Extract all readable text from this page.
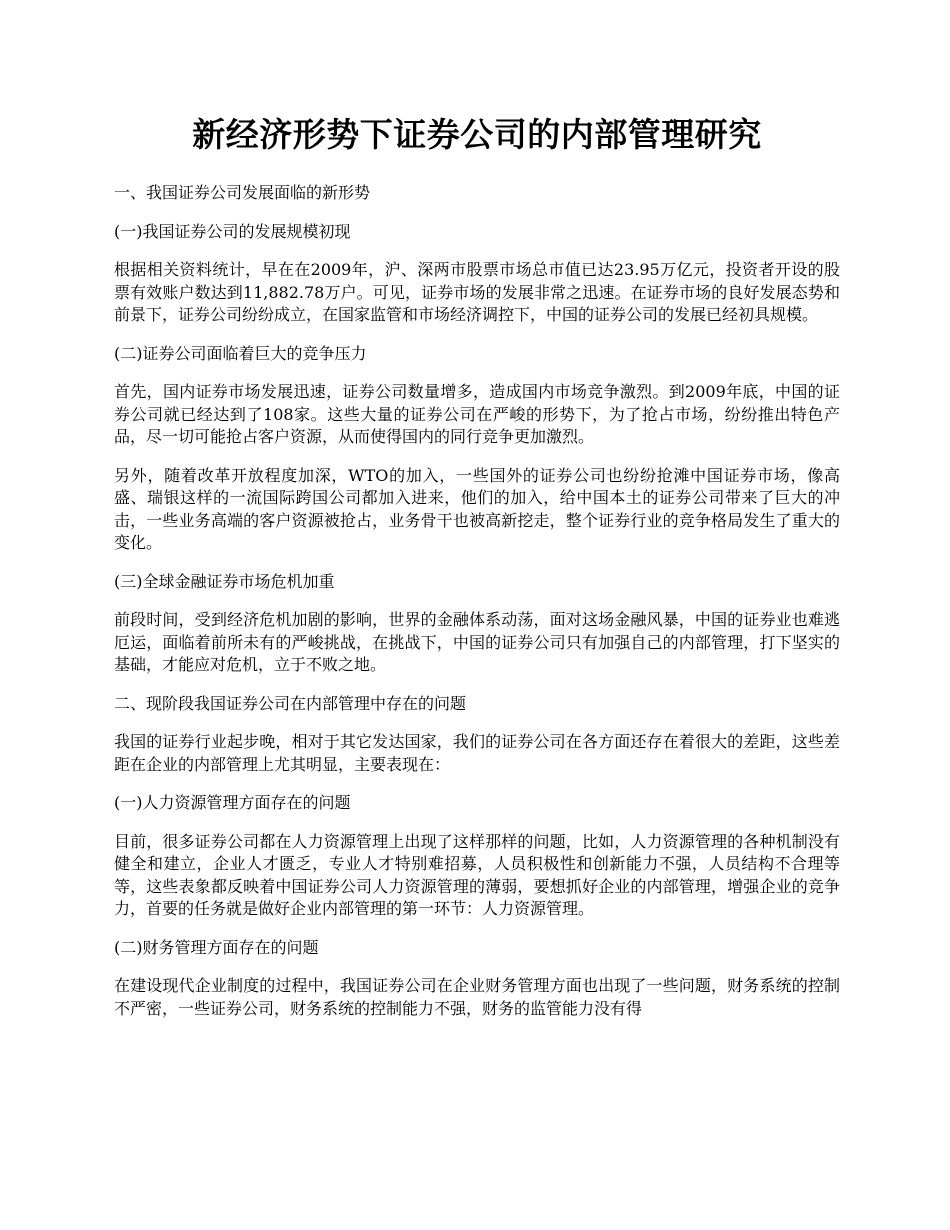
新经济形势下证券公司的内部管理研究

一、我国证券公司发展面临的新形势

(一)我国证券公司的发展规模初现

根据相关资料统计，早在在2009年，沪、深两市股票市场总市值已达23.95万亿元，投资者开设的股票有效账户数达到11,882.78万户。可见，证券市场的发展非常之迅速。在证券市场的良好发展态势和前景下，证券公司纷纷成立，在国家监管和市场经济调控下，中国的证券公司的发展已经初具规模。

(二)证券公司面临着巨大的竞争压力

首先，国内证券市场发展迅速，证券公司数量增多，造成国内市场竞争激烈。到2009年底，中国的证券公司就已经达到了108家。这些大量的证券公司在严峻的形势下，为了抢占市场，纷纷推出特色产品，尽一切可能抢占客户资源，从而使得国内的同行竞争更加激烈。

另外，随着改革开放程度加深，WTO的加入，一些国外的证券公司也纷纷抢滩中国证券市场，像高盛、瑞银这样的一流国际跨国公司都加入进来，他们的加入，给中国本土的证券公司带来了巨大的冲击，一些业务高端的客户资源被抢占，业务骨干也被高新挖走，整个证券行业的竞争格局发生了重大的变化。

(三)全球金融证券市场危机加重

前段时间，受到经济危机加剧的影响，世界的金融体系动荡，面对这场金融风暴，中国的证券业也难逃厄运，面临着前所未有的严峻挑战，在挑战下，中国的证券公司只有加强自己的内部管理，打下坚实的基础，才能应对危机，立于不败之地。

二、现阶段我国证券公司在内部管理中存在的问题

我国的证券行业起步晚，相对于其它发达国家，我们的证券公司在各方面还存在着很大的差距，这些差距在企业的内部管理上尤其明显，主要表现在：

(一)人力资源管理方面存在的问题

目前，很多证券公司都在人力资源管理上出现了这样那样的问题，比如，人力资源管理的各种机制没有健全和建立，企业人才匮乏，专业人才特别难招募，人员积极性和创新能力不强，人员结构不合理等等，这些表象都反映着中国证券公司人力资源管理的薄弱，要想抓好企业的内部管理，增强企业的竞争力，首要的任务就是做好企业内部管理的第一环节：人力资源管理。

(二)财务管理方面存在的问题

在建设现代企业制度的过程中，我国证券公司在企业财务管理方面也出现了一些问题，财务系统的控制不严密，一些证券公司，财务系统的控制能力不强，财务的监管能力没有得
